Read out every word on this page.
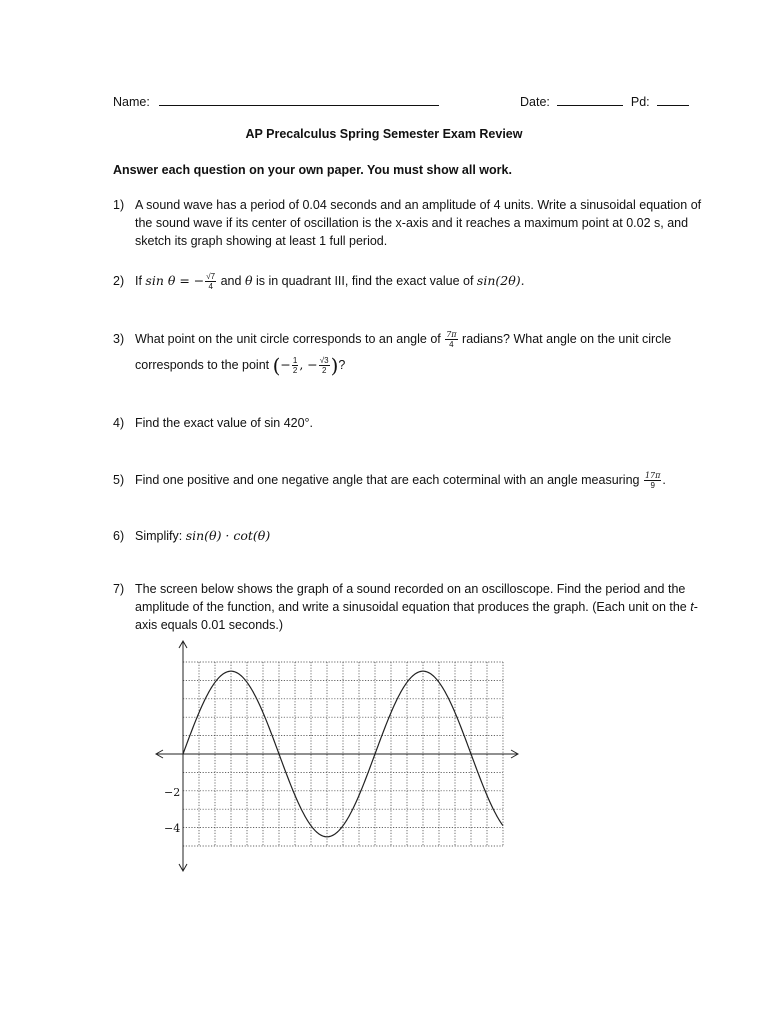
Name:	Date:	Pd:
AP Precalculus Spring Semester Exam Review
Answer each question on your own paper. You must show all work.
1) A sound wave has a period of 0.04 seconds and an amplitude of 4 units. Write a sinusoidal equation of the sound wave if its center of oscillation is the x-axis and it reaches a maximum point at 0.02 s, and sketch its graph showing at least 1 full period.
2) If sin θ = − $\frac{√7}{4}$ and θ is in quadrant III, find the exact value of sin(2θ).
3) What point on the unit circle corresponds to an angle of $\frac{7\pi}{4}$ radians? What angle on the unit circle
corresponds to the point (− $\frac{1}{2}$ , − $\frac{√3}{2}$ )?
4) Find the exact value of sin 420°.
5) Find one positive and one negative angle that are each coterminal with an angle measuring $\frac{17\pi}{9}$ .
6) Simplify: sin(θ) · cot(θ)
7) The screen below shows the graph of a sound recorded on an oscilloscope. Find the period and the
amplitude of the function, and write a sinusoidal equation that produces the graph. (Each unit on the t-
axis equals 0.01 seconds.)
−2
−4
